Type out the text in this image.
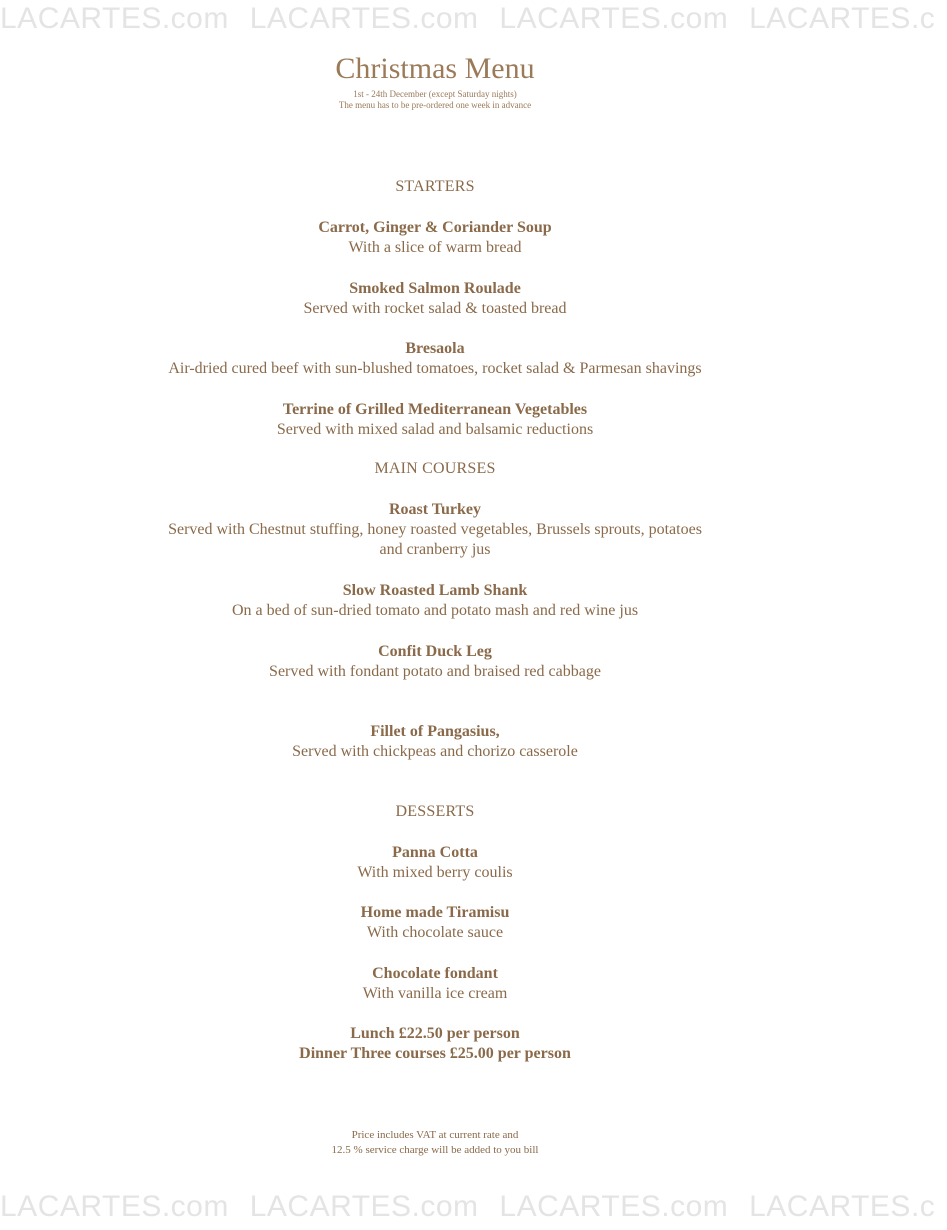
LACARTES.com LACARTES.com LACARTES.com LACARTES.c
Christmas Menu
1st - 24th December (except Saturday nights)
The menu has to be pre-ordered one week in advance
STARTERS
Carrot, Ginger & Coriander Soup
With a slice of warm bread
Smoked Salmon Roulade
Served with rocket salad & toasted bread
Bresaola
Air-dried cured beef with sun-blushed tomatoes, rocket salad & Parmesan shavings
Terrine of Grilled Mediterranean Vegetables
Served with mixed salad and balsamic reductions
MAIN COURSES
Roast Turkey
Served with Chestnut stuffing, honey roasted vegetables, Brussels sprouts, potatoes
and cranberry jus
Slow Roasted Lamb Shank
On a bed of sun-dried tomato and potato mash and red wine jus
Confit Duck Leg
Served with fondant potato and braised red cabbage
Fillet of Pangasius,
Served with chickpeas and chorizo casserole
DESSERTS
Panna Cotta
With mixed berry coulis
Home made Tiramisu
With chocolate sauce
Chocolate fondant
With vanilla ice cream
Lunch £22.50 per person
Dinner Three courses £25.00 per person
Price includes VAT at current rate and
12.5 % service charge will be added to you bill
LACARTES.com LACARTES.com LACARTES.com LACARTES.c
